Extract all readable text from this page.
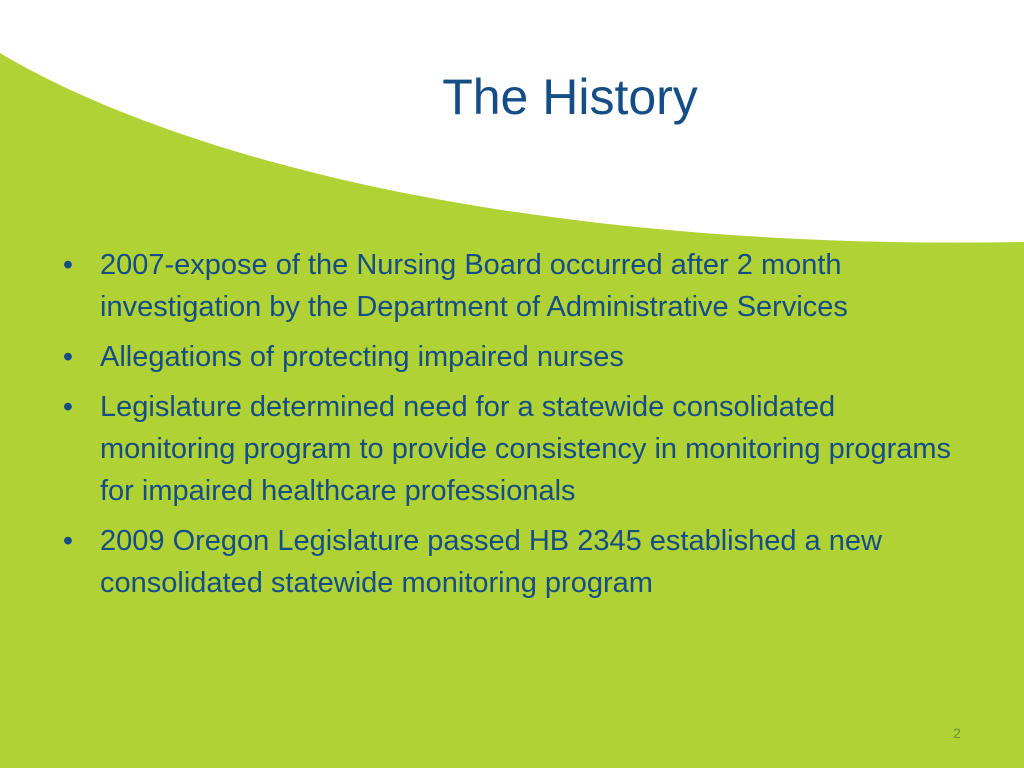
The History
• 2007-expose of the Nursing Board occurred after 2 month investigation by the Department of Administrative Services
• Allegations of protecting impaired nurses
• Legislature determined need for a statewide consolidated monitoring program to provide consistency in monitoring programs for impaired healthcare professionals
• 2009 Oregon Legislature passed HB 2345 established a new consolidated statewide monitoring program
2
